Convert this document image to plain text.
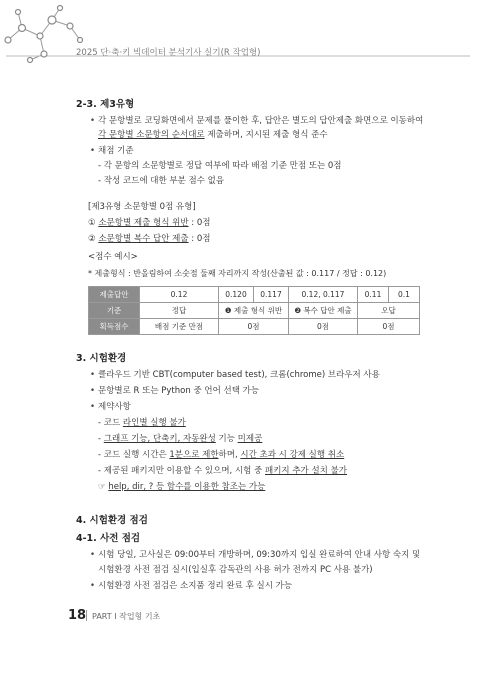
2025 단·축·키 빅데이터 분석기사 실기(R 작업형)
2-3. 제3유형
• 각 문항별로 코딩화면에서 문제를 풀이한 후, 답안은 별도의 답안제출 화면으로 이동하여
각 문항별 소문항의 순서대로 제출하며, 지시된 제출 형식 준수
• 채점 기준
- 각 문항의 소문항별로 정답 여부에 따라 배점 기준 만점 또는 0점
- 작성 코드에 대한 부분 점수 없음
[제3유형 소문항별 0점 유형]
① 소문항별 제출 형식 위반 : 0점
② 소문항별 복수 답안 제출 : 0점
<점수 예시>
* 제출형식 : 반올림하여 소숫점 둘째 자리까지 작성(산출된 값 : 0.117 / 정답 : 0.12)
제출답안	0.12	0.120	0.117	0.12, 0.117	0.11	0.1
기준	정답	❶ 제출 형식 위반		❷ 복수 답안 제출	오답	
획득점수	배점 기준 만점	0점		0점	0점	
3. 시험환경
• 클라우드 기반 CBT(computer based test), 크롬(chrome) 브라우저 사용
• 문항별로 R 또는 Python 중 언어 선택 가능
• 제약사항
- 코드 라인별 실행 불가
- 그래프 기능, 단축키, 자동완성 기능 미제공
- 코드 실행 시간은 1분으로 제한하며, 시간 초과 시 강제 실행 취소
- 제공된 패키지만 이용할 수 있으며, 시험 중 패키지 추가 설치 불가
☞ help, dir, ? 등 함수를 이용한 참조는 가능
4. 시험환경 점검
4-1. 사전 점검
• 시험 당일, 고사실은 09:00부터 개방하며, 09:30까지 입실 완료하여 안내 사항 숙지 및
시험환경 사전 점검 실시(입실후 감독관의 사용 허가 전까지 PC 사용 불가)
• 시험환경 사전 점검은 소지품 정리 완료 후 실시 가능
18 PART Ⅰ 작업형 기초
